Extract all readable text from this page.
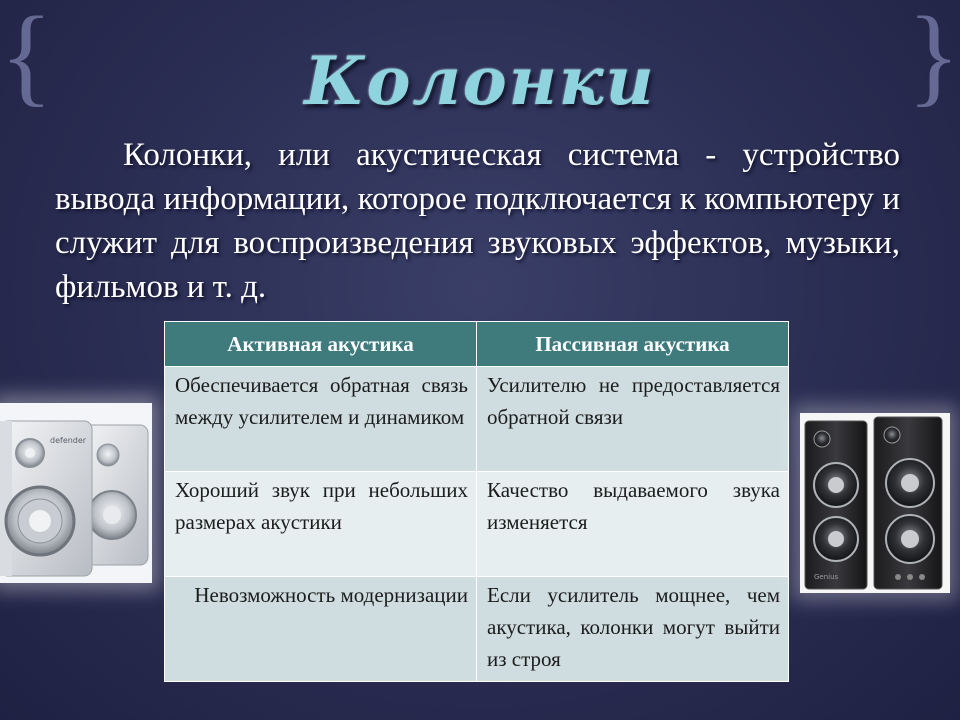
{	}
Колонки
Колонки, или акустическая система - устройство вывода информации, которое подключается к компьютеру и служит для воспроизведения звуковых эффектов, музыки, фильмов и т. д.
defender
Активная акустика	Пассивная акустика
Обеспечивается обратная связь между усилителем и динамиком	Усилителю не предоставляется обратной связи
Хороший звук при небольших размерах акустики	Качество выдаваемого звука изменяется
Невозможность модернизации	Если усилитель мощнее, чем акустика, колонки могут выйти из строя
Genius
